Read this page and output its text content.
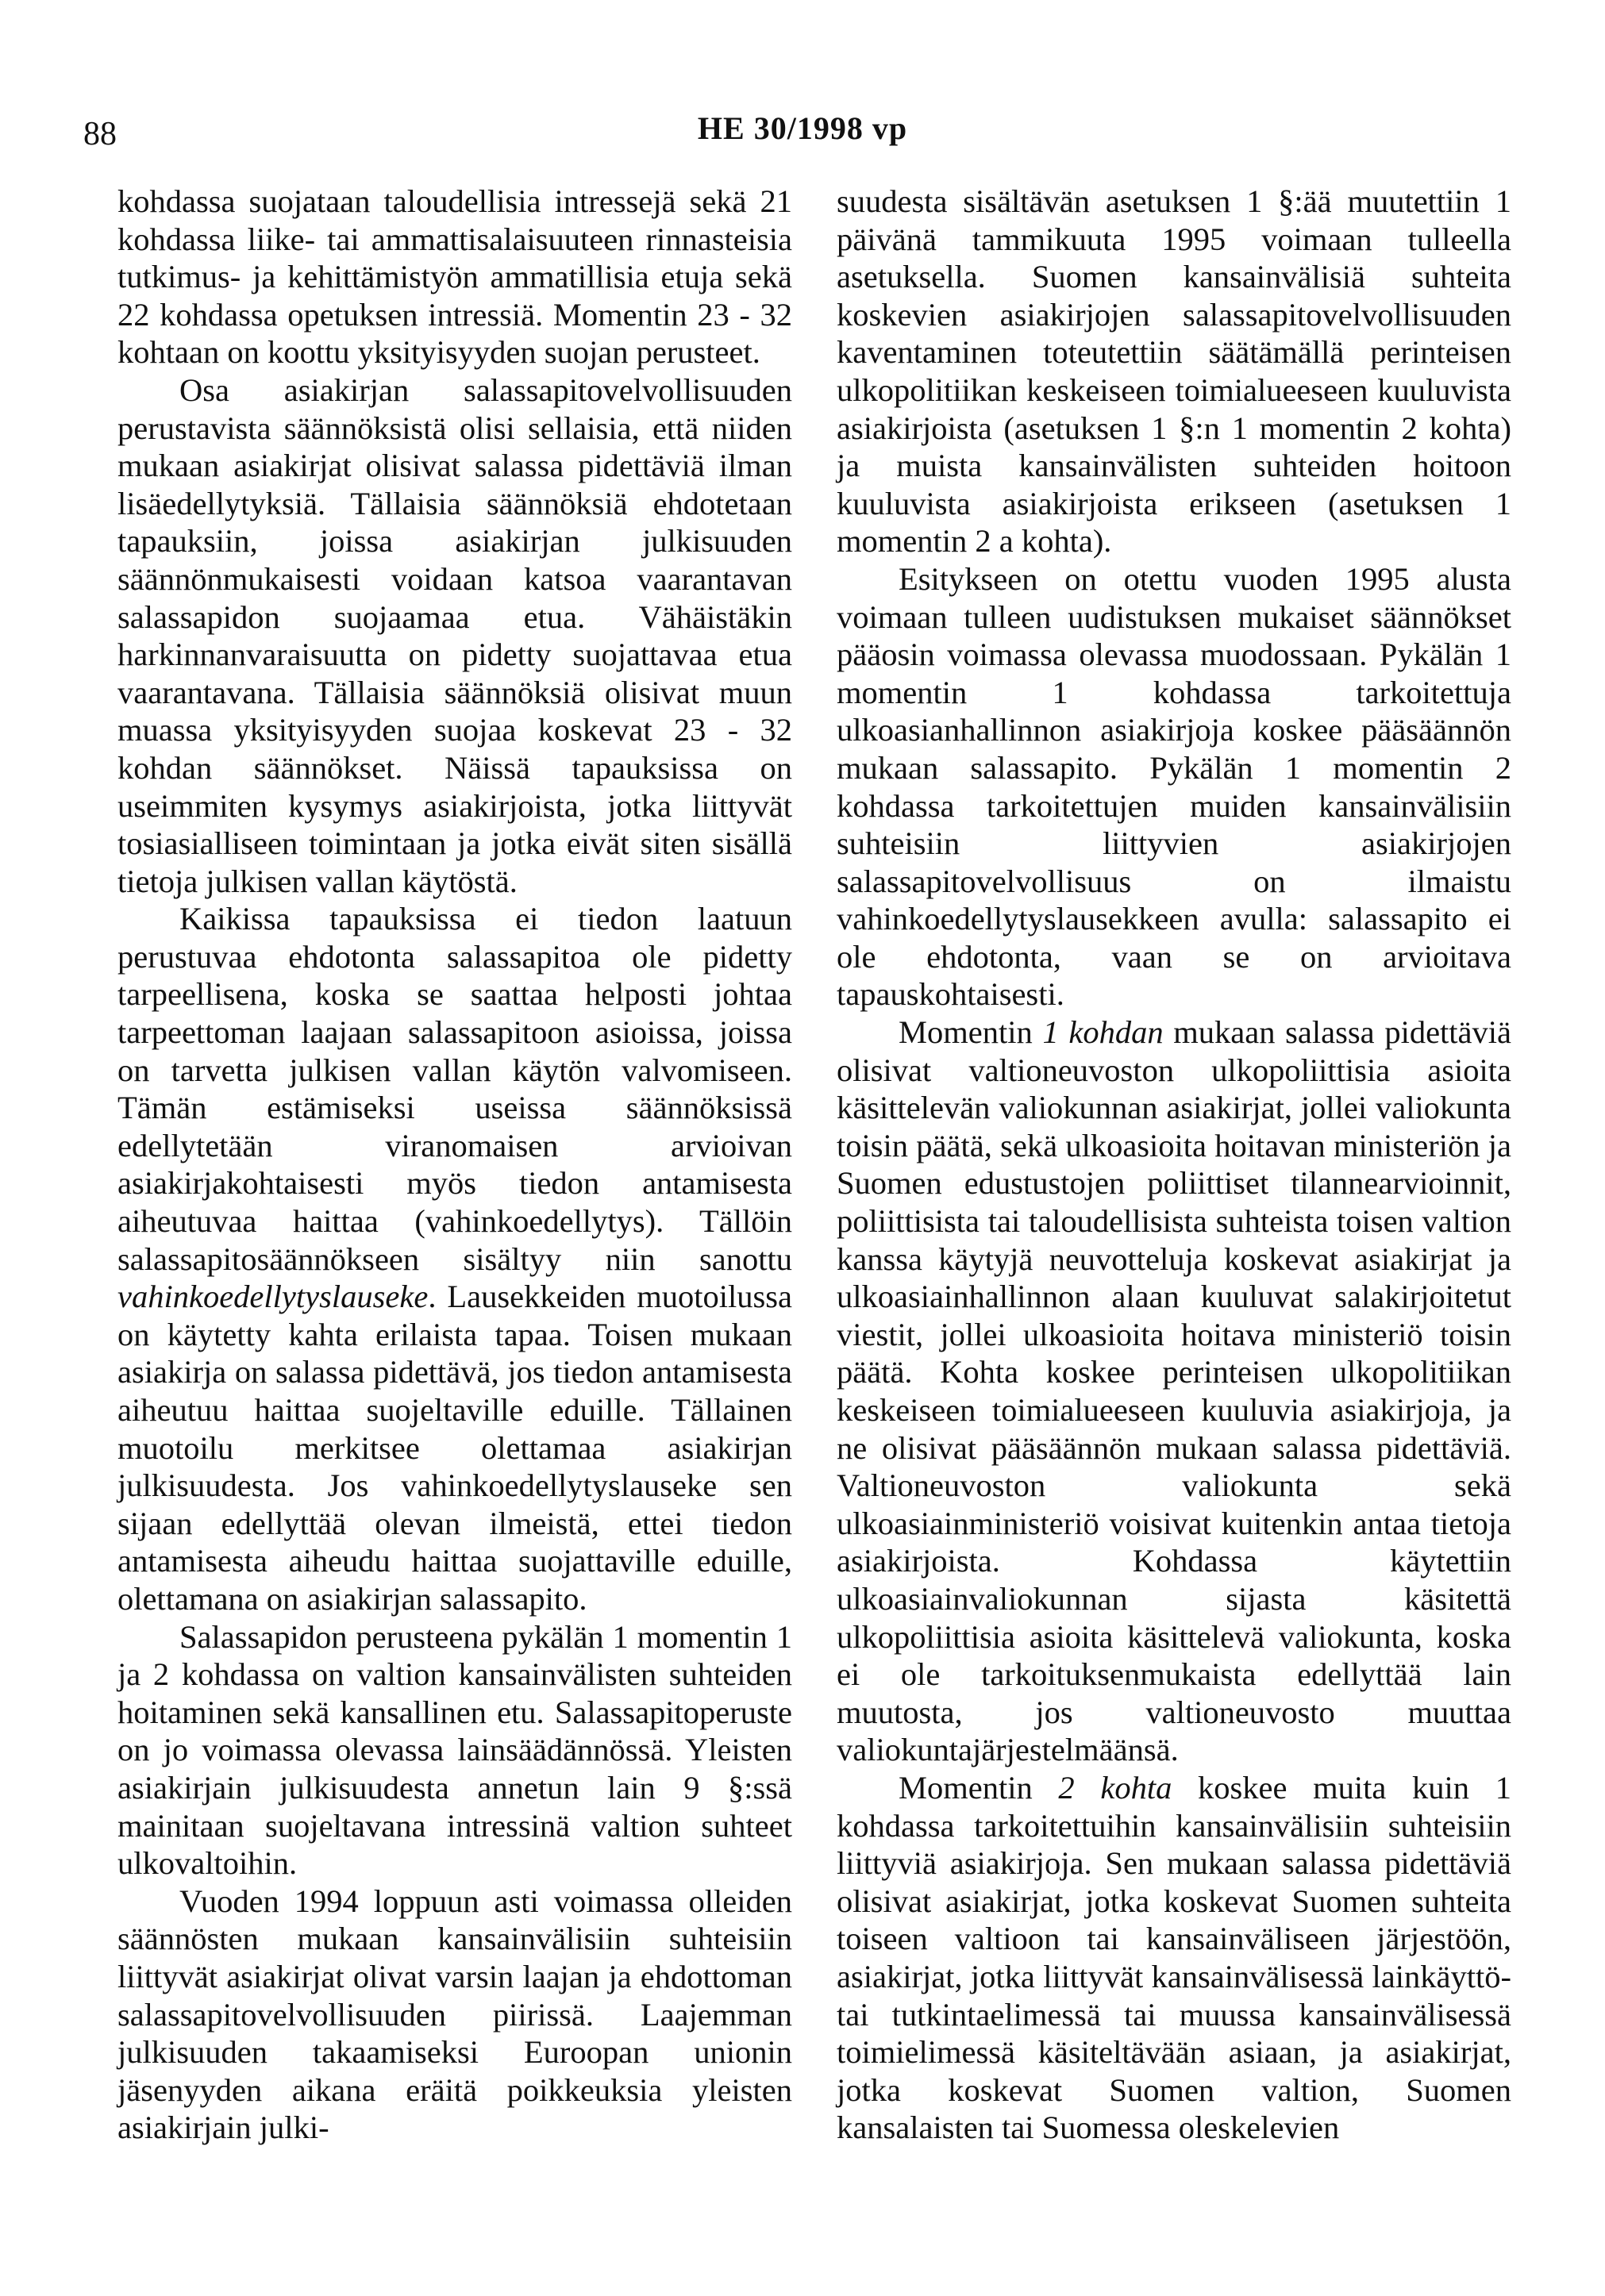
88	HE 30/1998 vp

kohdassa suojataan taloudellisia intressejä sekä 21 kohdassa liike- tai ammattisalaisuuteen rinnasteisia tutkimus- ja kehittämistyön ammatillisia etuja sekä 22 kohdassa opetuksen intressiä. Momentin 23 - 32 kohtaan on koottu yksityisyyden suojan perusteet.

Osa asiakirjan salassapitovelvollisuuden perustavista säännöksistä olisi sellaisia, että niiden mukaan asiakirjat olisivat salassa pidettäviä ilman lisäedellytyksiä. Tällaisia säännöksiä ehdotetaan tapauksiin, joissa asiakirjan julkisuuden säännönmukaisesti voidaan katsoa vaarantavan salassapidon suojaamaa etua. Vähäistäkin harkinnanvaraisuutta on pidetty suojattavaa etua vaarantavana. Tällaisia säännöksiä olisivat muun muassa yksityisyyden suojaa koskevat 23 - 32 kohdan säännökset. Näissä tapauksissa on useimmiten kysymys asiakirjoista, jotka liittyvät tosiasialliseen toimintaan ja jotka eivät siten sisällä tietoja julkisen vallan käytöstä.

Kaikissa tapauksissa ei tiedon laatuun perustuvaa ehdotonta salassapitoa ole pidetty tarpeellisena, koska se saattaa helposti johtaa tarpeettoman laajaan salassapitoon asioissa, joissa on tarvetta julkisen vallan käytön valvomiseen. Tämän estämiseksi useissa säännöksissä edellytetään viranomaisen arvioivan asiakirjakohtaisesti myös tiedon antamisesta aiheutuvaa haittaa (vahinkoedellytys). Tällöin salassapitosäännökseen sisältyy niin sanottu vahinkoedellytyslauseke. Lausekkeiden muotoilussa on käytetty kahta erilaista tapaa. Toisen mukaan asiakirja on salassa pidettävä, jos tiedon antamisesta aiheutuu haittaa suojeltaville eduille. Tällainen muotoilu merkitsee olettamaa asiakirjan julkisuudesta. Jos vahinkoedellytyslauseke sen sijaan edellyttää olevan ilmeistä, ettei tiedon antamisesta aiheudu haittaa suojattaville eduille, olettamana on asiakirjan salassapito.

Salassapidon perusteena pykälän 1 momentin 1 ja 2 kohdassa on valtion kansainvälisten suhteiden hoitaminen sekä kansallinen etu. Salassapitoperuste on jo voimassa olevassa lainsäädännössä. Yleisten asiakirjain julkisuudesta annetun lain 9 §:ssä mainitaan suojeltavana intressinä valtion suhteet ulkovaltoihin.

Vuoden 1994 loppuun asti voimassa olleiden säännösten mukaan kansainvälisiin suhteisiin liittyvät asiakirjat olivat varsin laajan ja ehdottoman salassapitovelvollisuuden piirissä. Laajemman julkisuuden takaamiseksi Euroopan unionin jäsenyyden aikana eräitä poikkeuksia yleisten asiakirjain julki-

suudesta sisältävän asetuksen 1 §:ää muutettiin 1 päivänä tammikuuta 1995 voimaan tulleella asetuksella. Suomen kansainvälisiä suhteita koskevien asiakirjojen salassapitovelvollisuuden kaventaminen toteutettiin säätämällä perinteisen ulkopolitiikan keskeiseen toimialueeseen kuuluvista asiakirjoista (asetuksen 1 §:n 1 momentin 2 kohta) ja muista kansainvälisten suhteiden hoitoon kuuluvista asiakirjoista erikseen (asetuksen 1 momentin 2 a kohta).

Esitykseen on otettu vuoden 1995 alusta voimaan tulleen uudistuksen mukaiset säännökset pääosin voimassa olevassa muodossaan. Pykälän 1 momentin 1 kohdassa tarkoitettuja ulkoasianhallinnon asiakirjoja koskee pääsäännön mukaan salassapito. Pykälän 1 momentin 2 kohdassa tarkoitettujen muiden kansainvälisiin suhteisiin liittyvien asiakirjojen salassapitovelvollisuus on ilmaistu vahinkoedellytyslausekkeen avulla: salassapito ei ole ehdotonta, vaan se on arvioitava tapauskohtaisesti.

Momentin 1 kohdan mukaan salassa pidettäviä olisivat valtioneuvoston ulkopoliittisia asioita käsittelevän valiokunnan asiakirjat, jollei valiokunta toisin päätä, sekä ulkoasioita hoitavan ministeriön ja Suomen edustustojen poliittiset tilannearvioinnit, poliittisista tai taloudellisista suhteista toisen valtion kanssa käytyjä neuvotteluja koskevat asiakirjat ja ulkoasiainhallinnon alaan kuuluvat salakirjoitetut viestit, jollei ulkoasioita hoitava ministeriö toisin päätä. Kohta koskee perinteisen ulkopolitiikan keskeiseen toimialueeseen kuuluvia asiakirjoja, ja ne olisivat pääsäännön mukaan salassa pidettäviä. Valtioneuvoston valiokunta sekä ulkoasiainministeriö voisivat kuitenkin antaa tietoja asiakirjoista. Kohdassa käytettiin ulkoasiainvaliokunnan sijasta käsitettä ulkopoliittisia asioita käsittelevä valiokunta, koska ei ole tarkoituksenmukaista edellyttää lain muutosta, jos valtioneuvosto muuttaa valiokuntajärjestelmäänsä.

Momentin 2 kohta koskee muita kuin 1 kohdassa tarkoitettuihin kansainvälisiin suhteisiin liittyviä asiakirjoja. Sen mukaan salassa pidettäviä olisivat asiakirjat, jotka koskevat Suomen suhteita toiseen valtioon tai kansainväliseen järjestöön, asiakirjat, jotka liittyvät kansainvälisessä lainkäyttö- tai tutkintaelimessä tai muussa kansainvälisessä toimielimessä käsiteltävään asiaan, ja asiakirjat, jotka koskevat Suomen valtion, Suomen kansalaisten tai Suomessa oleskelevien
